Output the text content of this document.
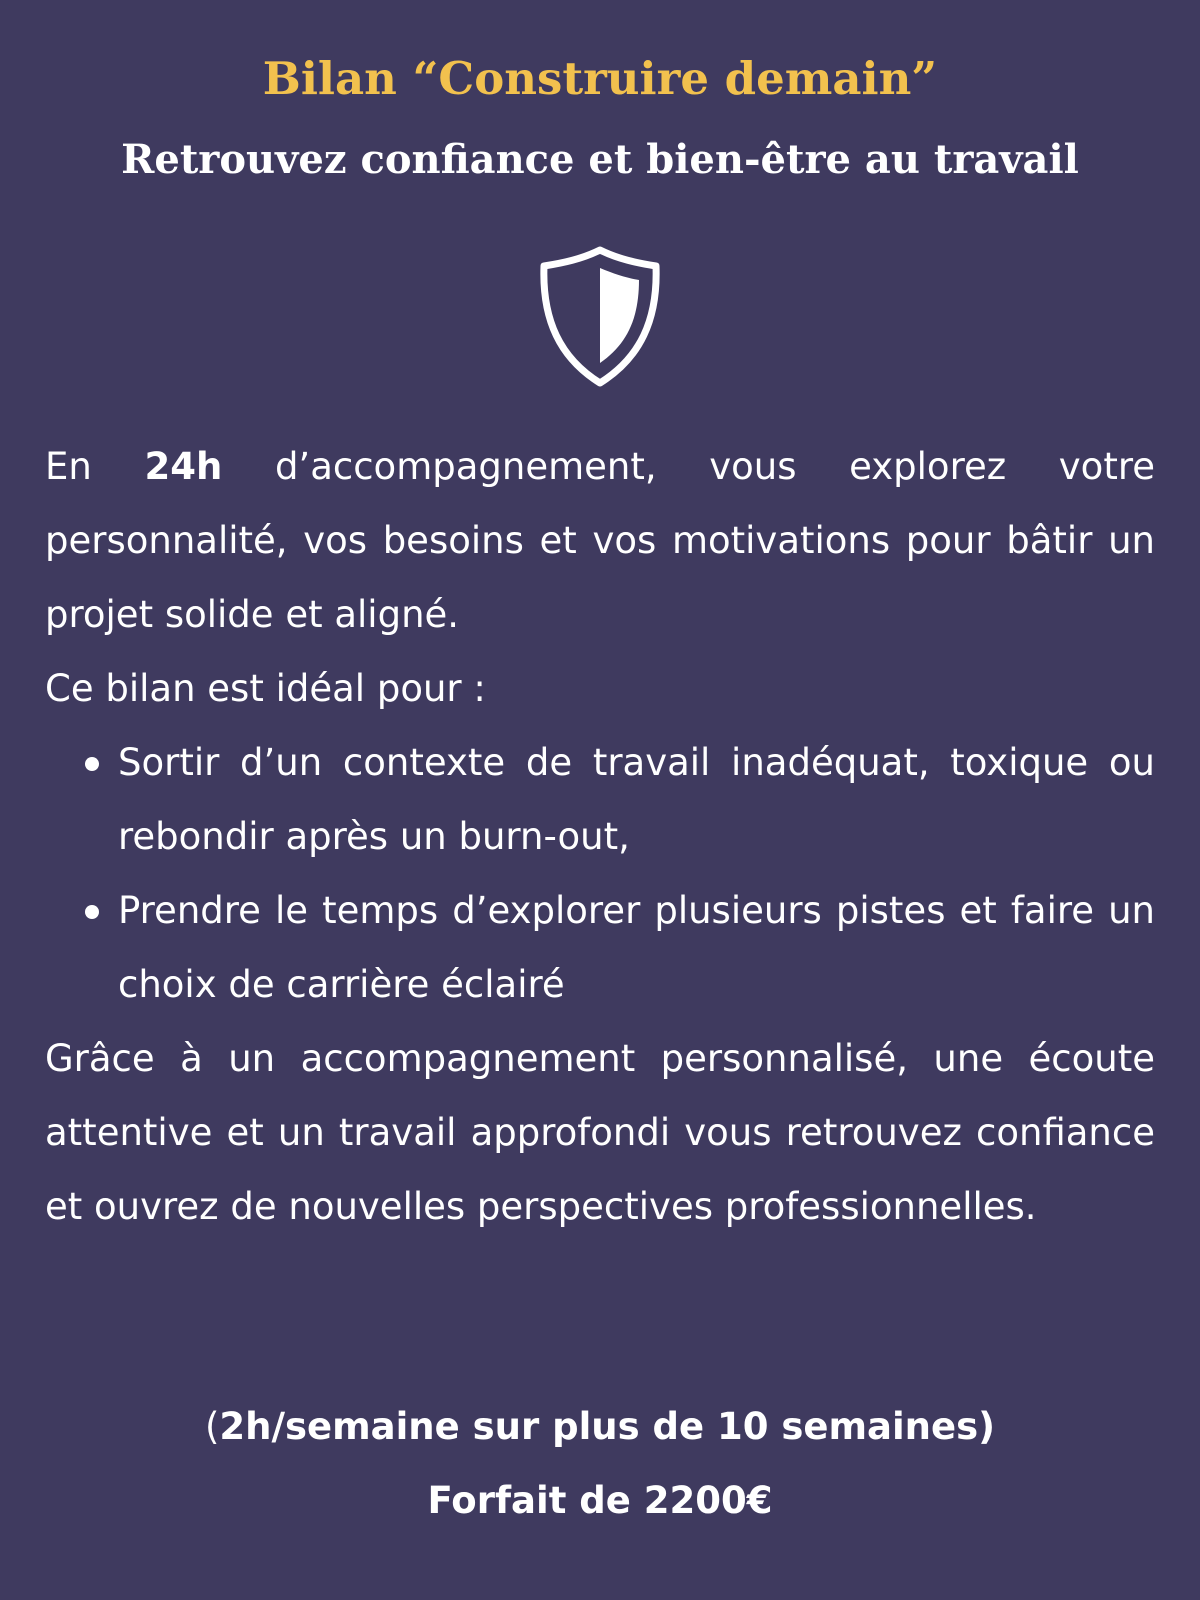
Bilan “Construire demain”
Retrouvez confiance et bien-être au travail

En 24h d’accompagnement, vous explorez votre personnalité, vos besoins et vos motivations pour bâtir un projet solide et aligné.

Ce bilan est idéal pour :

Sortir d’un contexte de travail inadéquat, toxique ou rebondir après un burn-out,
Prendre le temps d’explorer plusieurs pistes et faire un choix de carrière éclairé

Grâce à un accompagnement personnalisé, une écoute attentive et un travail approfondi vous retrouvez confiance et ouvrez de nouvelles perspectives professionnelles.

(2h/semaine sur plus de 10 semaines)
Forfait de 2200€
